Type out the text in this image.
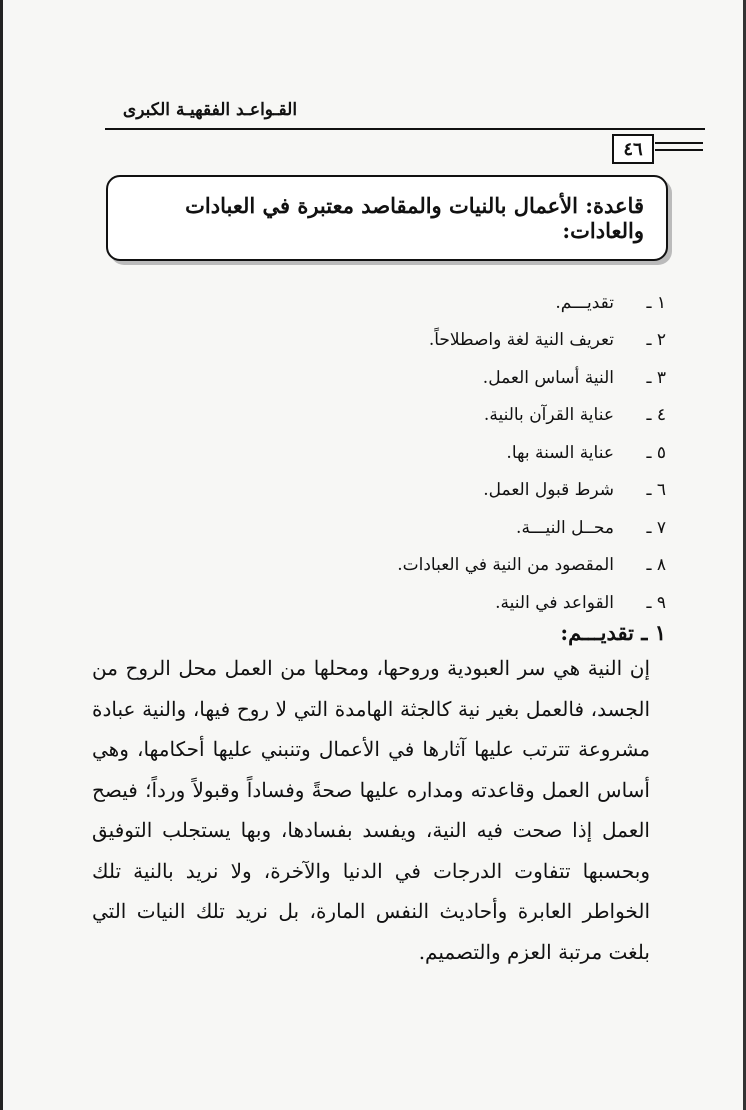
القـواعـد الفقهيـة الكبرى
٤٦
قاعدة: الأعمال بالنيات والمقاصد معتبرة في العبادات والعادات:
١ ـ
تقديـــم.
٢ ـ
تعريف النية لغة واصطلاحاً.
٣ ـ
النية أساس العمل.
٤ ـ
عناية القرآن بالنية.
٥ ـ
عناية السنة بها.
٦ ـ
شرط قبول العمل.
٧ ـ
محــل النيـــة.
٨ ـ
المقصود من النية في العبادات.
٩ ـ
القواعد في النية.
١ ـ تقديـــم:

إن النية هي سر العبودية وروحها، ومحلها من العمل محل الروح من الجسد، فالعمل بغير نية كالجثة الهامدة التي لا روح فيها، والنية عبادة مشروعة تترتب عليها آثارها في الأعمال وتنبني عليها أحكامها، وهي أساس العمل وقاعدته ومداره عليها صحةً وفساداً وقبولاً ورداً؛ فيصح العمل إذا صحت فيه النية، ويفسد بفسادها، وبها يستجلب التوفيق وبحسبها تتفاوت الدرجات في الدنيا والآخرة، ولا نريد بالنية تلك الخواطر العابرة وأحاديث النفس المارة، بل نريد تلك النيات التي بلغت مرتبة العزم والتصميم.
